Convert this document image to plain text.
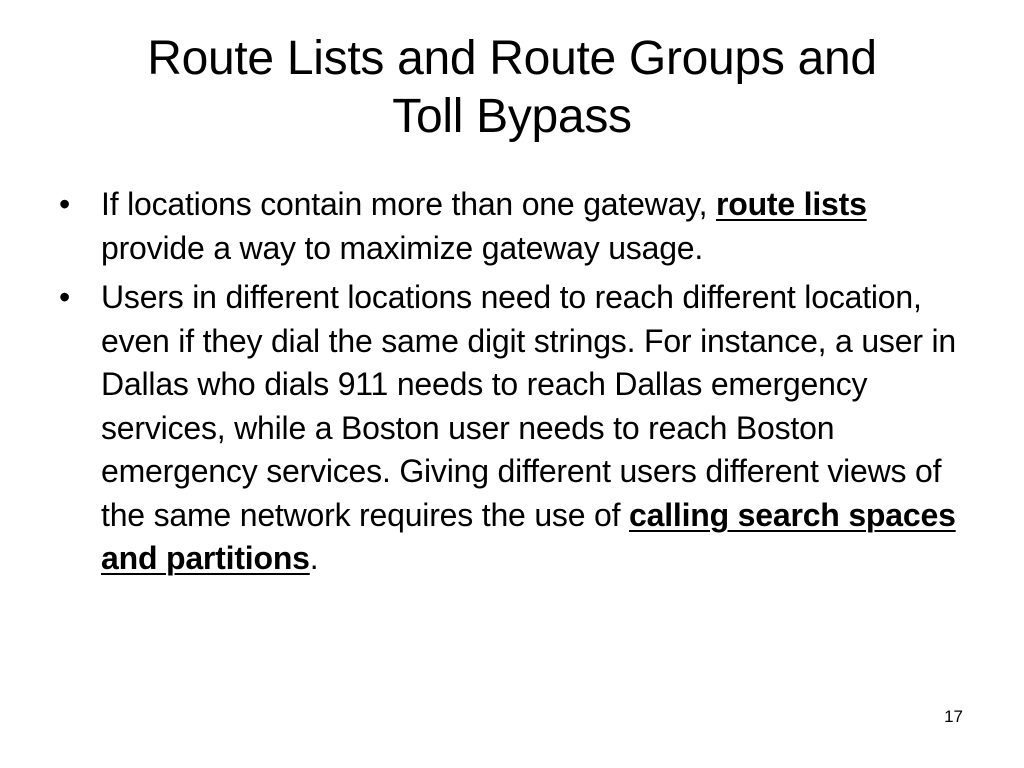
Route Lists and Route Groups and
Toll Bypass
• If locations contain more than one gateway, route lists provide a way to maximize gateway usage.
• Users in different locations need to reach different location, even if they dial the same digit strings. For instance, a user in Dallas who dials 911 needs to reach Dallas emergency services, while a Boston user needs to reach Boston emergency services. Giving different users different views of the same network requires the use of calling search spaces and partitions.
17
